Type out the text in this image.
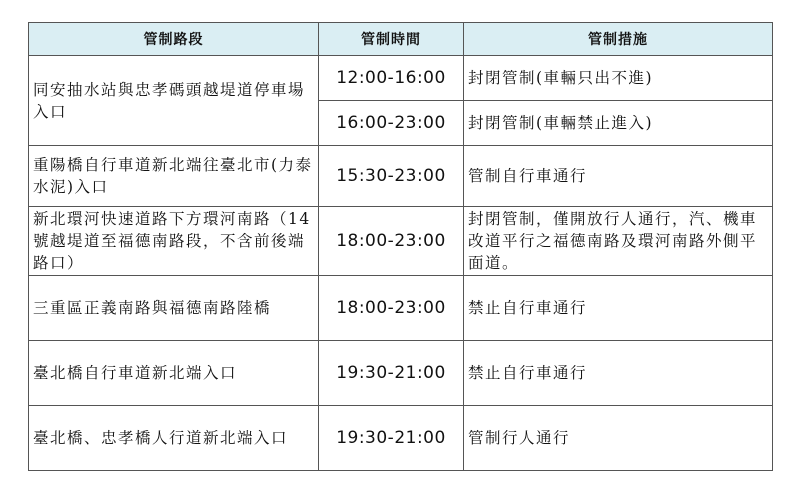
管制路段	管制時間	管制措施
同安抽水站與忠孝碼頭越堤道停車場入口	12:00-16:00	封閉管制(車輛只出不進)
	16:00-23:00	封閉管制(車輛禁止進入)
重陽橋自行車道新北端往臺北市(力泰水泥)入口	15:30-23:00	管制自行車通行
新北環河快速道路下方環河南路（14號越堤道至福德南路段，不含前後端路口）	18:00-23:00	封閉管制，僅開放行人通行，汽、機車改道平行之福德南路及環河南路外側平面道。
三重區正義南路與福德南路陸橋	18:00-23:00	禁止自行車通行
臺北橋自行車道新北端入口	19:30-21:00	禁止自行車通行
臺北橋、忠孝橋人行道新北端入口	19:30-21:00	管制行人通行
